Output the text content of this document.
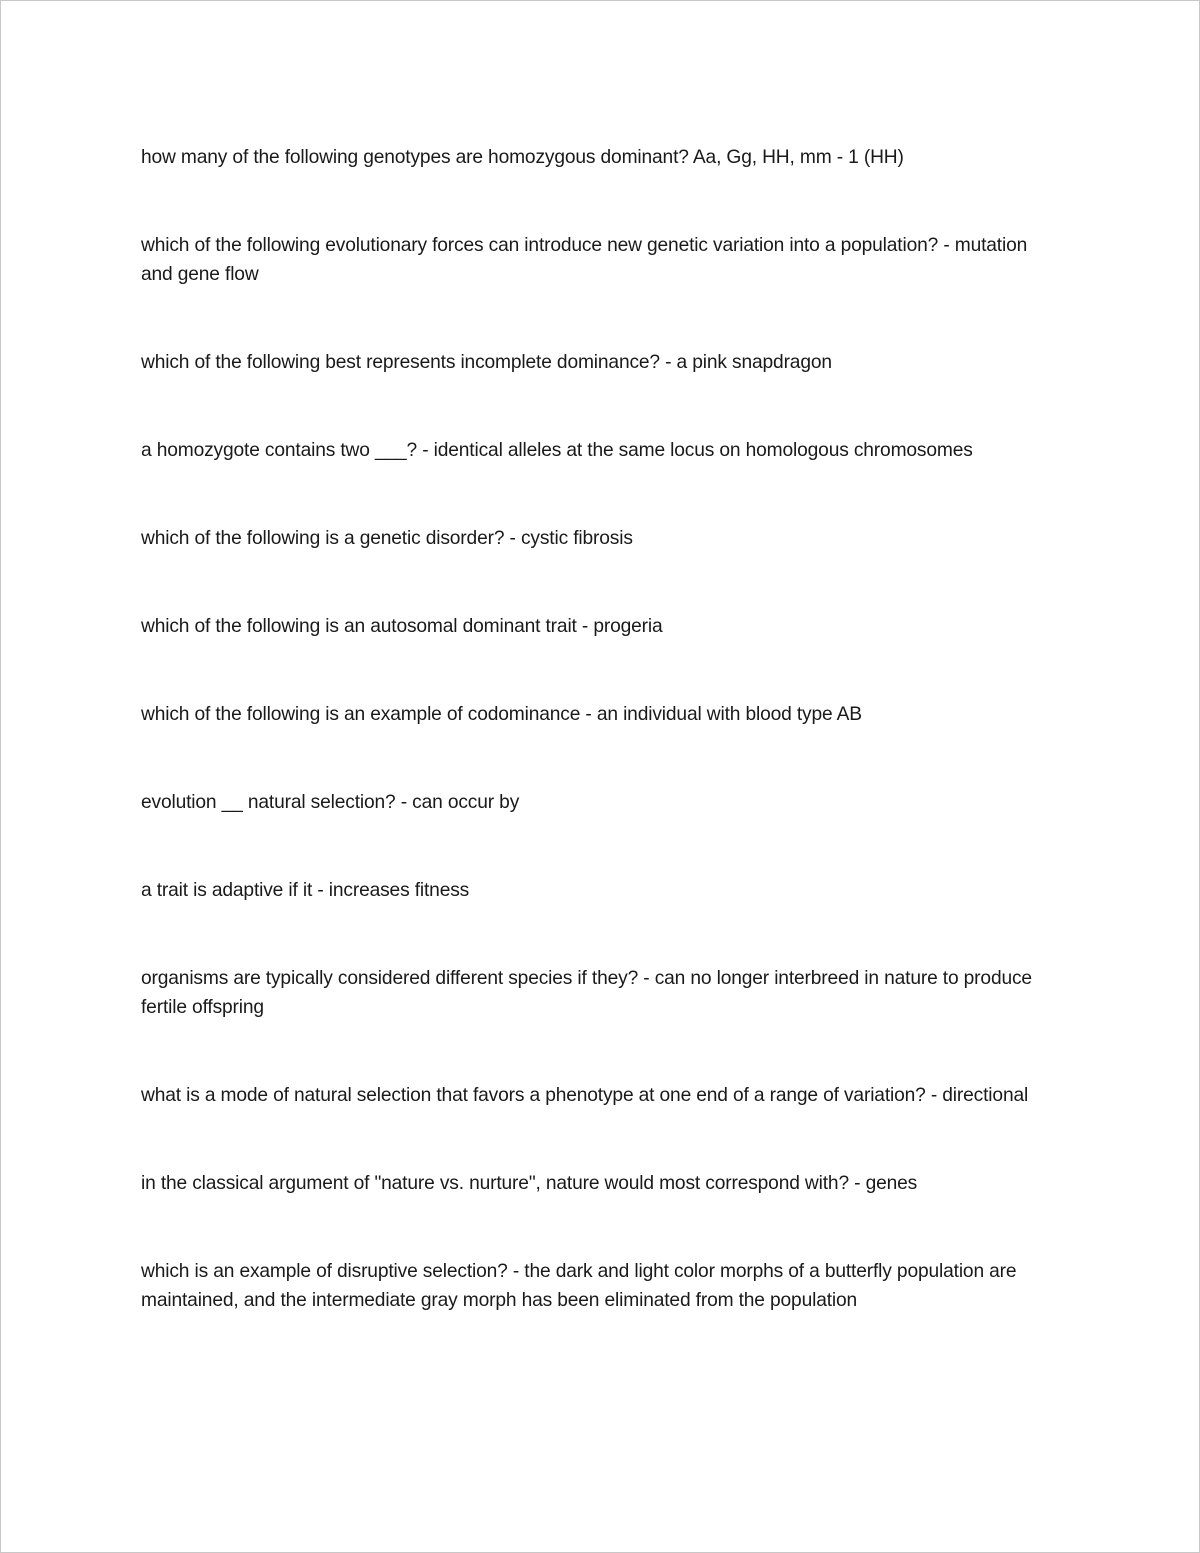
how many of the following genotypes are homozygous dominant? Aa, Gg, HH, mm - 1 (HH)
which of the following evolutionary forces can introduce new genetic variation into a population? - mutation and gene flow
which of the following best represents incomplete dominance? - a pink snapdragon
a homozygote contains two ___? - identical alleles at the same locus on homologous chromosomes
which of the following is a genetic disorder? - cystic fibrosis
which of the following is an autosomal dominant trait - progeria
which of the following is an example of codominance - an individual with blood type AB
evolution __ natural selection? - can occur by
a trait is adaptive if it - increases fitness
organisms are typically considered different species if they? - can no longer interbreed in nature to produce fertile offspring
what is a mode of natural selection that favors a phenotype at one end of a range of variation? - directional
in the classical argument of "nature vs. nurture", nature would most correspond with? - genes
which is an example of disruptive selection? - the dark and light color morphs of a butterfly population are maintained, and the intermediate gray morph has been eliminated from the population
